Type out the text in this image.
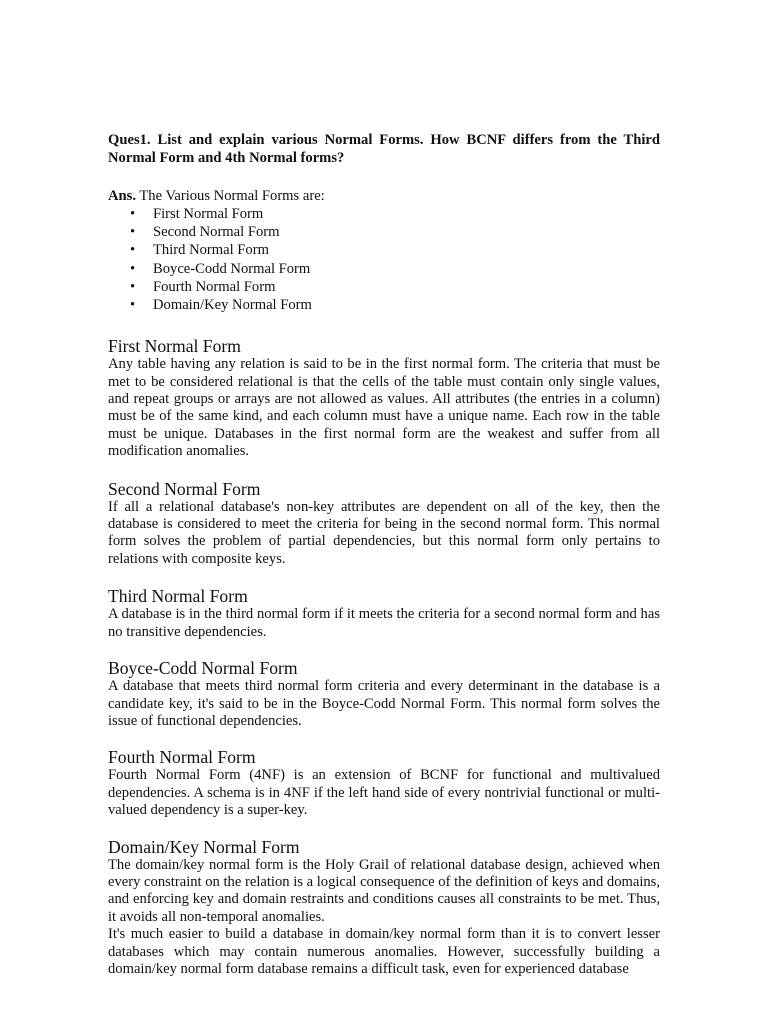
Ques1. List and explain various Normal Forms. How BCNF differs from the Third Normal Form and 4th Normal forms?

Ans. The Various Normal Forms are:

• First Normal Form
• Second Normal Form
• Third Normal Form
• Boyce-Codd Normal Form
• Fourth Normal Form
• Domain/Key Normal Form
First Normal Form

Any table having any relation is said to be in the first normal form. The criteria that must be met to be considered relational is that the cells of the table must contain only single values, and repeat groups or arrays are not allowed as values. All attributes (the entries in a column) must be of the same kind, and each column must have a unique name. Each row in the table must be unique. Databases in the first normal form are the weakest and suffer from all modification anomalies.

Second Normal Form

If all a relational database's non-key attributes are dependent on all of the key, then the database is considered to meet the criteria for being in the second normal form. This normal form solves the problem of partial dependencies, but this normal form only pertains to relations with composite keys.

Third Normal Form

A database is in the third normal form if it meets the criteria for a second normal form and has no transitive dependencies.

Boyce-Codd Normal Form

A database that meets third normal form criteria and every determinant in the database is a candidate key, it's said to be in the Boyce-Codd Normal Form. This normal form solves the issue of functional dependencies.

Fourth Normal Form

Fourth Normal Form (4NF) is an extension of BCNF for functional and multivalued dependencies. A schema is in 4NF if the left hand side of every nontrivial functional or multi-valued dependency is a super-key.

Domain/Key Normal Form

The domain/key normal form is the Holy Grail of relational database design, achieved when every constraint on the relation is a logical consequence of the definition of keys and domains, and enforcing key and domain restraints and conditions causes all constraints to be met. Thus, it avoids all non-temporal anomalies.

It's much easier to build a database in domain/key normal form than it is to convert lesser databases which may contain numerous anomalies. However, successfully building a domain/key normal form database remains a difficult task, even for experienced database
